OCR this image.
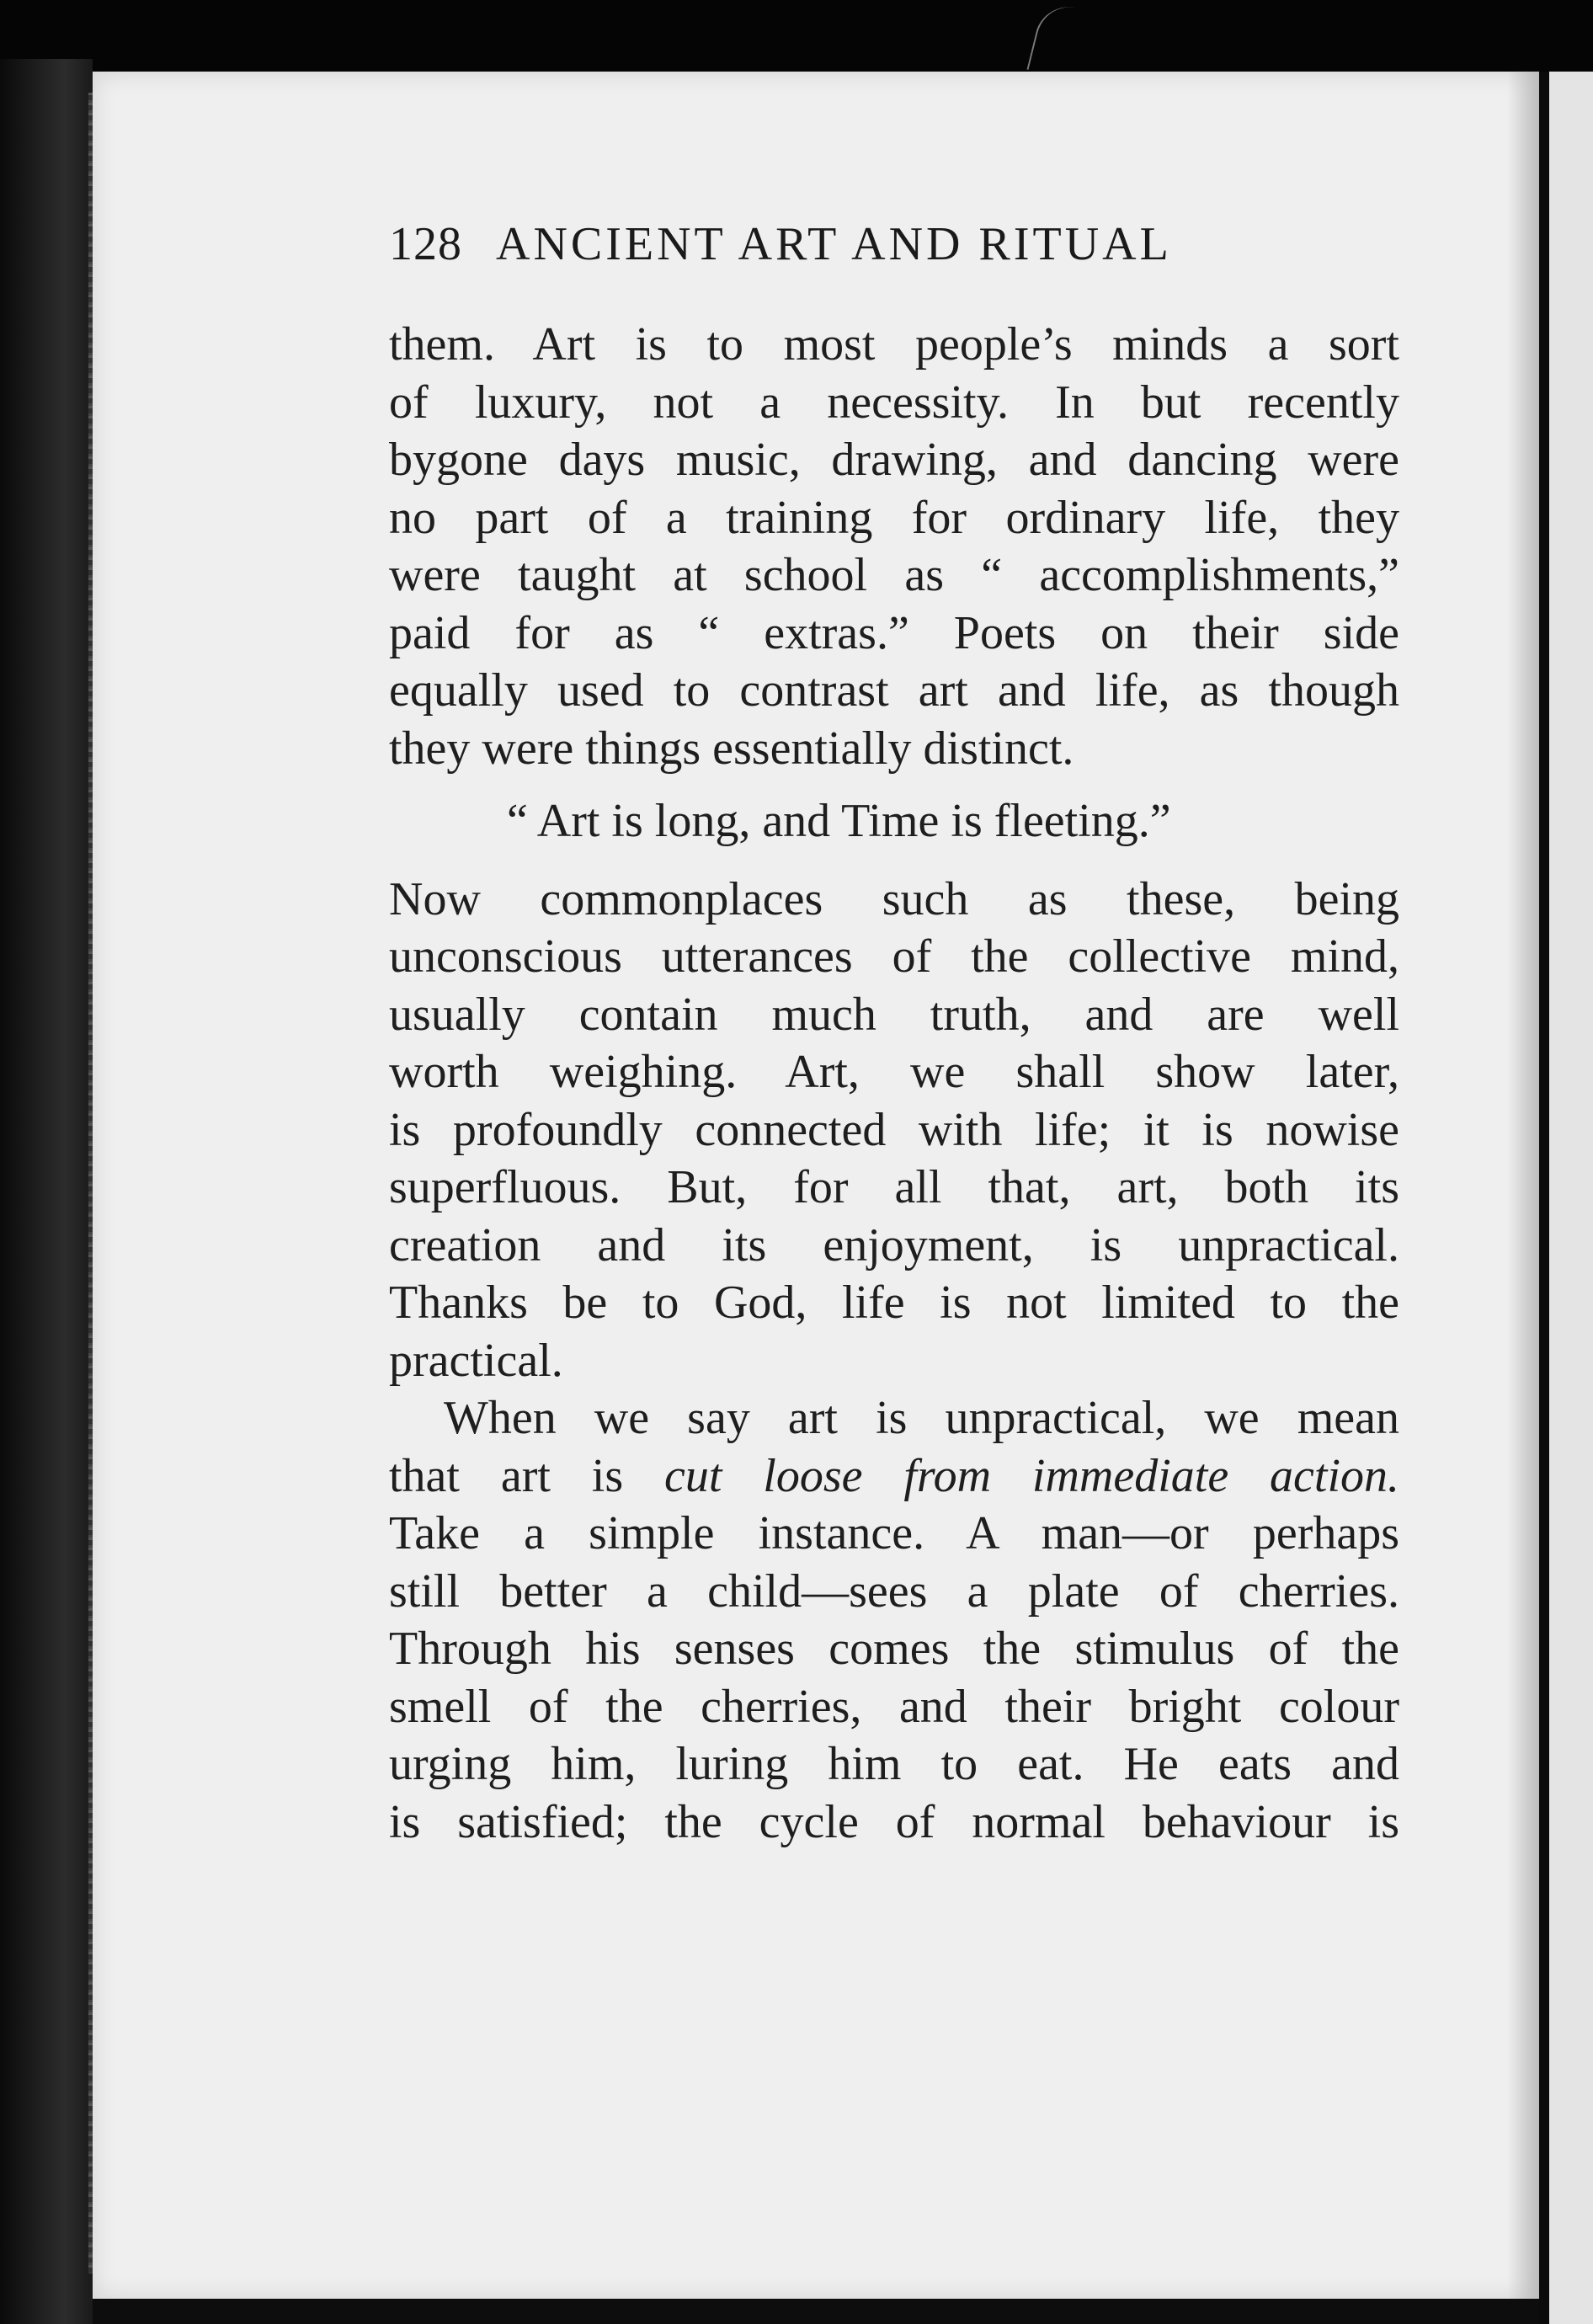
128 ANCIENT ART AND RITUAL
them. Art is to most people’s minds a sort
of luxury, not a necessity. In but recently
bygone days music, drawing, and dancing were
no part of a training for ordinary life, they
were taught at school as “ accomplishments,”
paid for as “ extras.” Poets on their side
equally used to contrast art and life, as though
they were things essentially distinct.
“ Art is long, and Time is fleeting.”
Now commonplaces such as these, being
unconscious utterances of the collective mind,
usually contain much truth, and are well
worth weighing. Art, we shall show later,
is profoundly connected with life; it is nowise
superfluous. But, for all that, art, both its
creation and its enjoyment, is unpractical.
Thanks be to God, life is not limited to the
practical.
When we say art is unpractical, we mean
that art is cut loose from immediate action.
Take a simple instance. A man—or perhaps
still better a child—sees a plate of cherries.
Through his senses comes the stimulus of the
smell of the cherries, and their bright colour
urging him, luring him to eat. He eats and
is satisfied; the cycle of normal behaviour is
